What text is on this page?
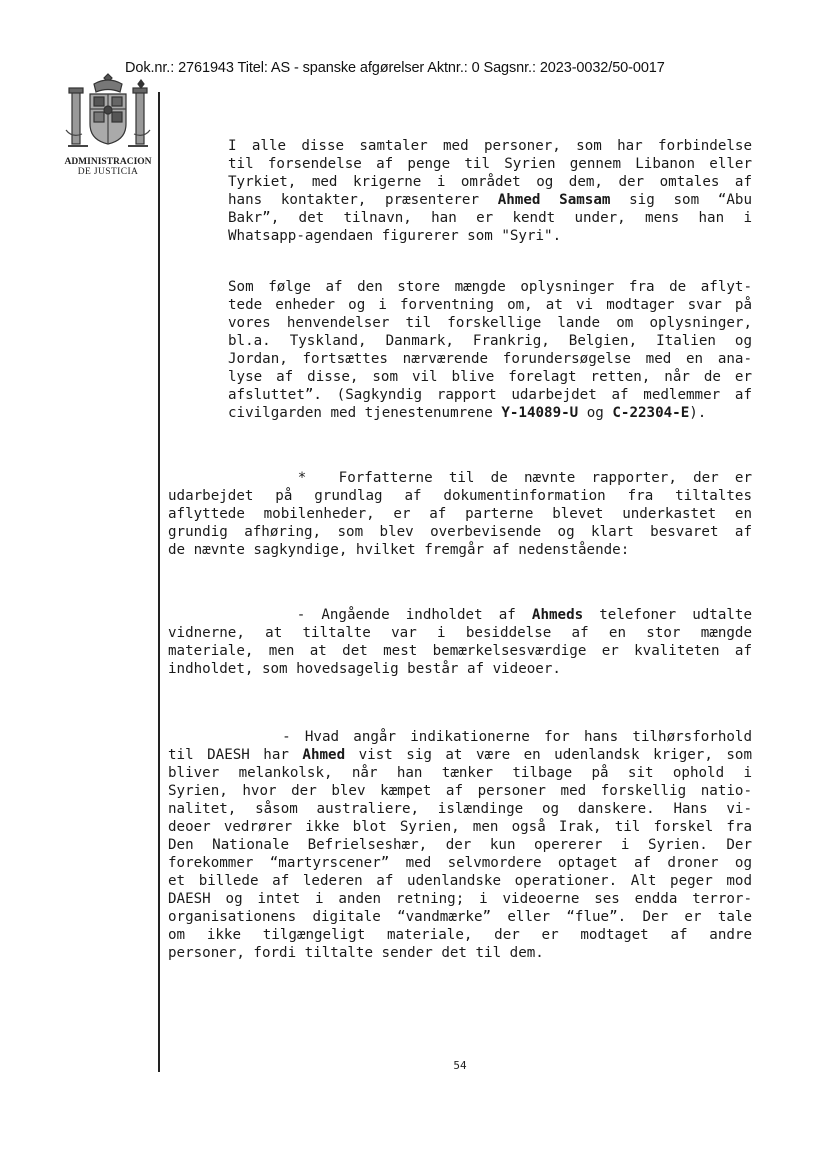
Dok.nr.: 2761943 Titel: AS - spanske afgørelser Aktnr.: 0 Sagsnr.: 2023-0032/50-0017
ADMINISTRACION
DE JUSTICIA
I alle disse samtaler med personer, som har forbindelse
til forsendelse af penge til Syrien gennem Libanon eller
Tyrkiet, med krigerne i området og dem, der omtales af
hans kontakter, præsenterer Ahmed Samsam sig som “Abu
Bakr”, det tilnavn, han er kendt under, mens han i
Whatsapp-agendaen figurerer som "Syri".
Som følge af den store mængde oplysninger fra de aflyt-
tede enheder og i forventning om, at vi modtager svar på
vores henvendelser til forskellige lande om oplysninger,
bl.a. Tyskland, Danmark, Frankrig, Belgien, Italien og
Jordan, fortsættes nærværende forundersøgelse med en ana-
lyse af disse, som vil blive forelagt retten, når de er
afsluttet”. (Sagkyndig rapport udarbejdet af medlemmer af
civilgarden med tjenestenumrene Y-14089-U og C-22304-E).
*  Forfatterne til de nævnte rapporter, der er
udarbejdet på grundlag af dokumentinformation fra tiltaltes
aflyttede mobilenheder, er af parterne blevet underkastet en
grundig afhøring, som blev overbevisende og klart besvaret af
de nævnte sagkyndige, hvilket fremgår af nedenstående:
- Angående indholdet af Ahmeds telefoner udtalte
vidnerne, at tiltalte var i besiddelse af en stor mængde
materiale, men at det mest bemærkelsesværdige er kvaliteten af
indholdet, som hovedsagelig består af videoer.
- Hvad angår indikationerne for hans tilhørsforhold
til DAESH har Ahmed vist sig at være en udenlandsk kriger, som
bliver melankolsk, når han tænker tilbage på sit ophold i
Syrien, hvor der blev kæmpet af personer med forskellig natio-
nalitet, såsom australiere, islændinge og danskere. Hans vi-
deoer vedrører ikke blot Syrien, men også Irak, til forskel fra
Den Nationale Befrielseshær, der kun opererer i Syrien. Der
forekommer “martyrscener” med selvmordere optaget af droner og
et billede af lederen af udenlandske operationer. Alt peger mod
DAESH og intet i anden retning; i videoerne ses endda terror-
organisationens digitale “vandmærke” eller “flue”. Der er tale
om ikke tilgængeligt materiale, der er modtaget af andre
personer, fordi tiltalte sender det til dem.
54
